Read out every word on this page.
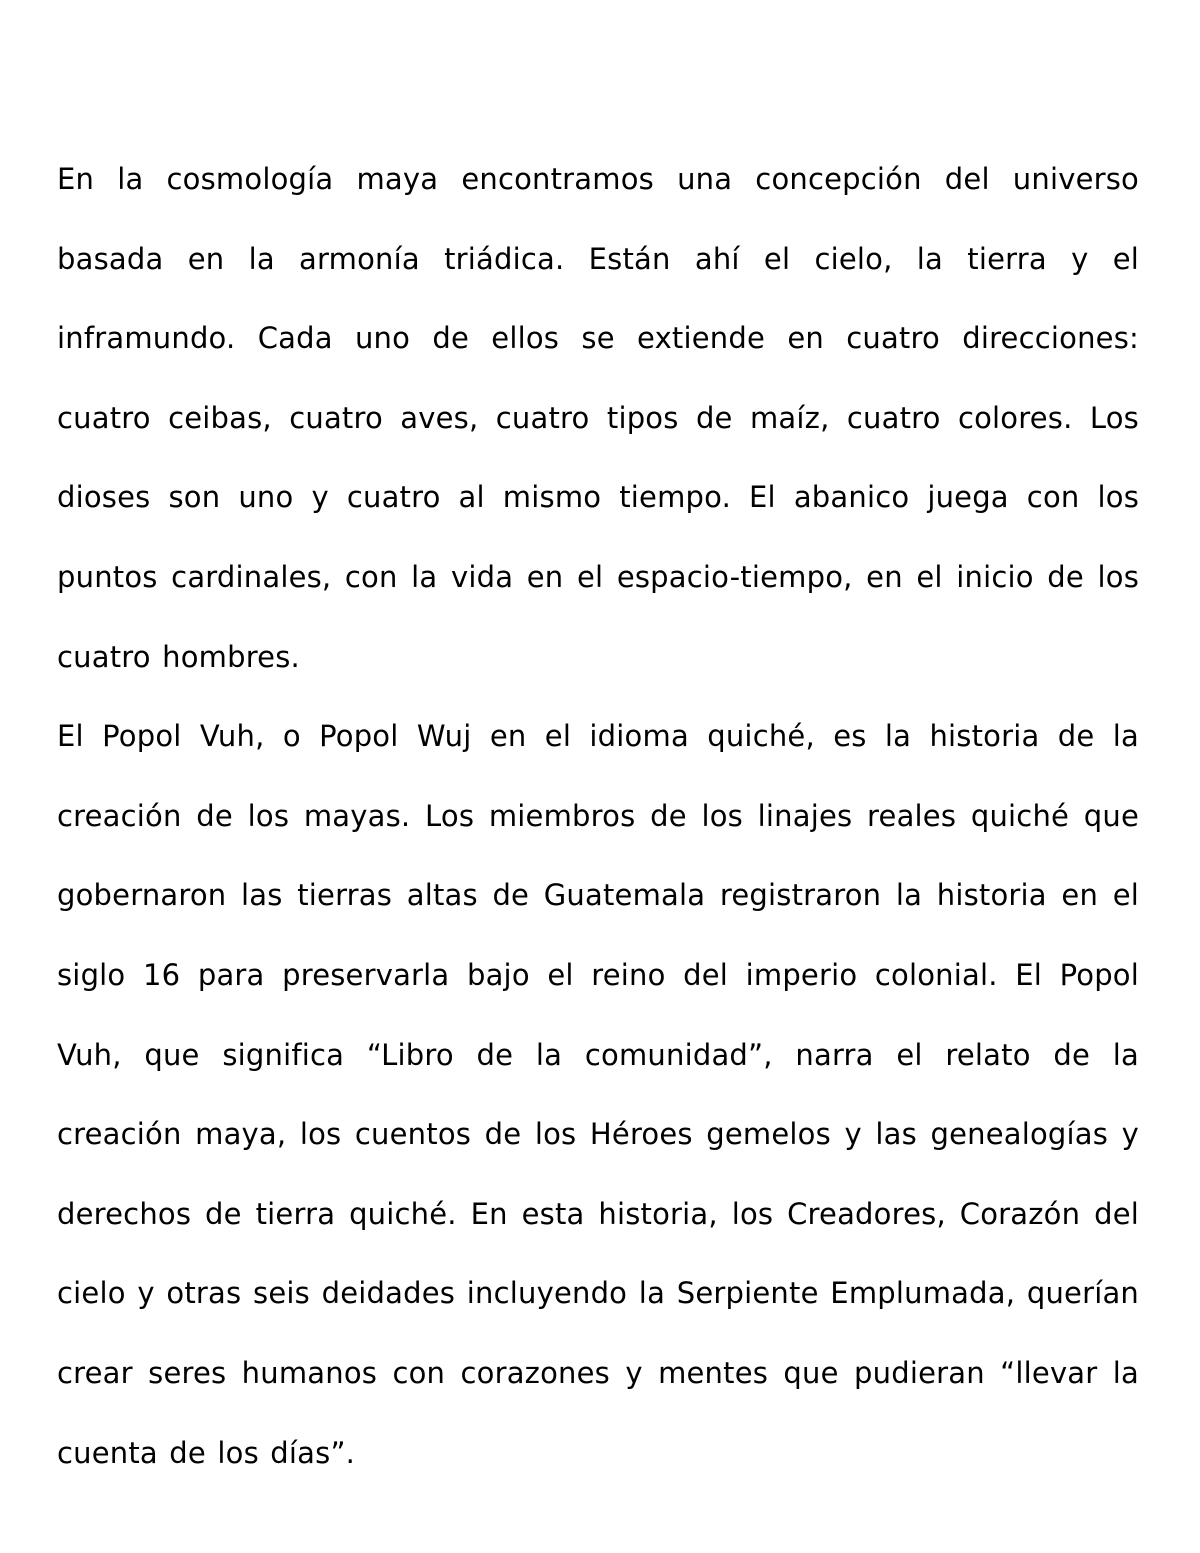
En la cosmología maya encontramos una concepción del universo basada en la armonía triádica. Están ahí el cielo, la tierra y el inframundo. Cada uno de ellos se extiende en cuatro direcciones: cuatro ceibas, cuatro aves, cuatro tipos de maíz, cuatro colores. Los dioses son uno y cuatro al mismo tiempo. El abanico juega con los puntos cardinales, con la vida en el espacio-tiempo, en el inicio de los cuatro hombres.

El Popol Vuh, o Popol Wuj en el idioma quiché, es la historia de la creación de los mayas. Los miembros de los linajes reales quiché que gobernaron las tierras altas de Guatemala registraron la historia en el siglo 16 para preservarla bajo el reino del imperio colonial. El Popol Vuh, que significa “Libro de la comunidad”, narra el relato de la creación maya, los cuentos de los Héroes gemelos y las genealogías y derechos de tierra quiché. En esta historia, los Creadores, Corazón del cielo y otras seis deidades incluyendo la Serpiente Emplumada, querían crear seres humanos con corazones y mentes que pudieran “llevar la cuenta de los días”.
